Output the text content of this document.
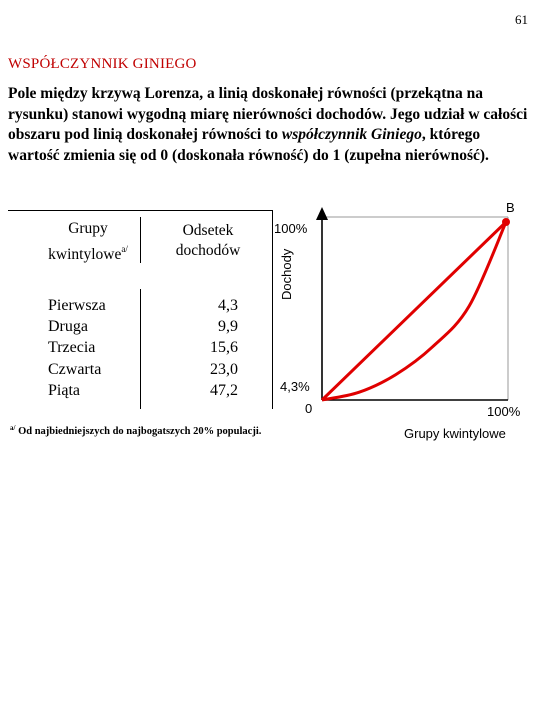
61
WSPÓŁCZYNNIK GINIEGO
Pole między krzywą Lorenza, a linią doskonałej równości (przekątna na rysunku) stanowi wygodną miarę nierówności dochodów. Jego udział w całości obszaru pod linią doskonałej równości to współczynnik Giniego, którego wartość zmienia się od 0 (doskonała równość) do 1 (zupełna nierówność).
Grupy
kwintylowe$^{a/}$
Odsetek
dochodów
Pierwsza
Druga
Trzecia
Czwarta
Piąta
4,3
9,9
15,6
23,0
47,2
$^{a/}$ Od najbiedniejszych do najbogatszych 20% populacji.
Dochody
100%
4,3%
0	100%
Grupy kwintylowe
B
